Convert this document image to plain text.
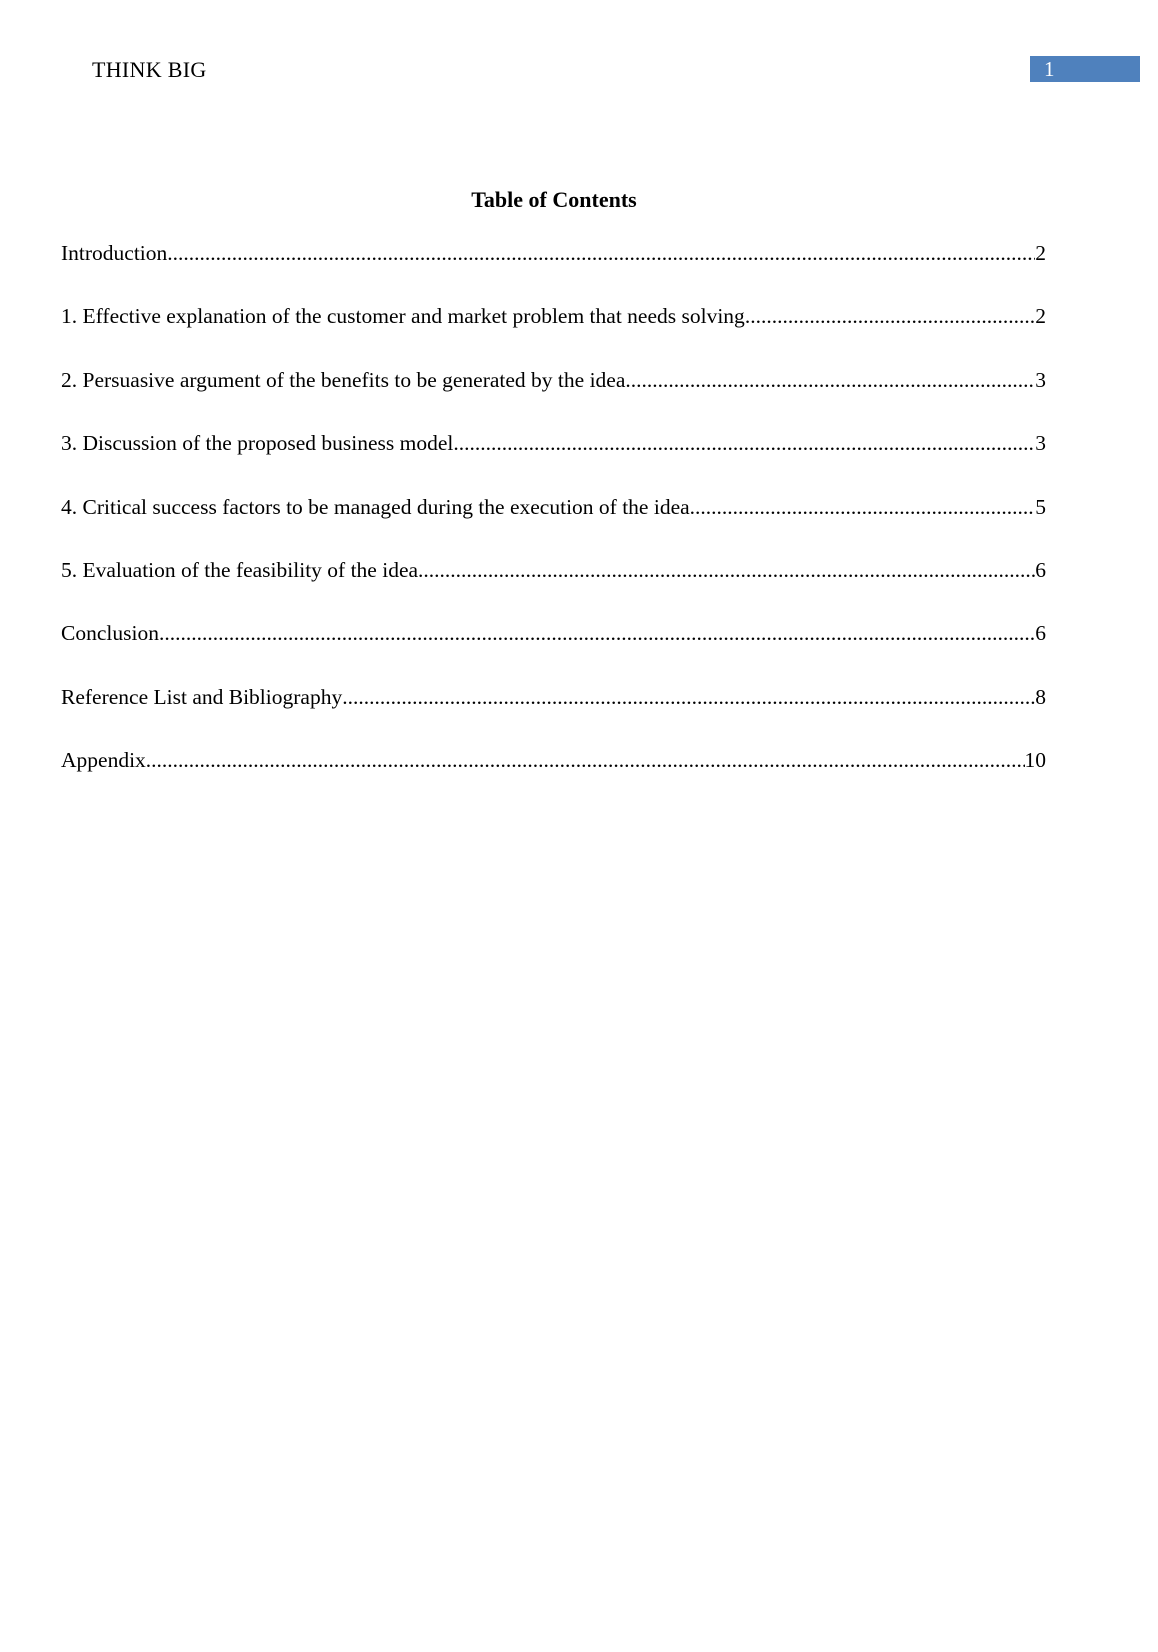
THINK BIG	1
Table of Contents
Introduction .....	2
1. Effective explanation of the customer and market problem that needs solving .....	2
2. Persuasive argument of the benefits to be generated by the idea .....	3
3. Discussion of the proposed business model .....	3
4. Critical success factors to be managed during the execution of the idea .....	5
5. Evaluation of the feasibility of the idea .....	6
Conclusion .....	6
Reference List and Bibliography .....	8
Appendix .....	10
